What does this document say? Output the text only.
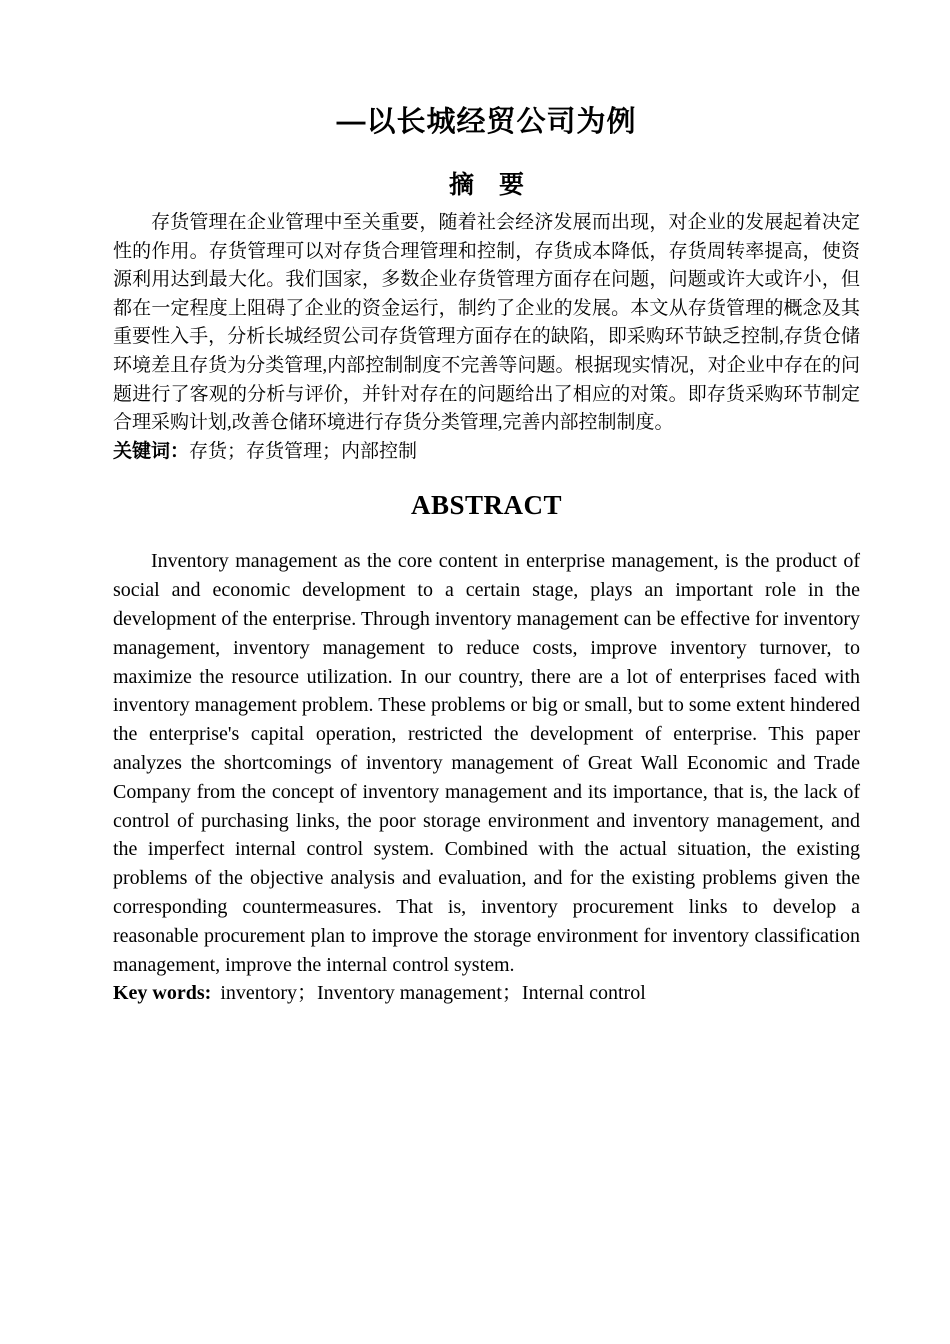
—以长城经贸公司为例
摘　要

存货管理在企业管理中至关重要，随着社会经济发展而出现，对企业的发展起着决定性的作用。存货管理可以对存货合理管理和控制，存货成本降低，存货周转率提高，使资源利用达到最大化。我们国家，多数企业存货管理方面存在问题，问题或许大或许小，但都在一定程度上阻碍了企业的资金运行，制约了企业的发展。本文从存货管理的概念及其重要性入手，分析长城经贸公司存货管理方面存在的缺陷，即采购环节缺乏控制,存货仓储环境差且存货为分类管理,内部控制制度不完善等问题。根据现实情况，对企业中存在的问题进行了客观的分析与评价，并针对存在的问题给出了相应的对策。即存货采购环节制定合理采购计划,改善仓储环境进行存货分类管理,完善内部控制制度。

关键词：存货；存货管理；内部控制

ABSTRACT

Inventory management as the core content in enterprise management, is the product of social and economic development to a certain stage, plays an important role in the development of the enterprise. Through inventory management can be effective for inventory management, inventory management to reduce costs, improve inventory turnover, to maximize the resource utilization. In our country, there are a lot of enterprises faced with inventory management problem. These problems or big or small, but to some extent hindered the enterprise's capital operation, restricted the development of enterprise. This paper analyzes the shortcomings of inventory management of Great Wall Economic and Trade Company from the concept of inventory management and its importance, that is, the lack of control of purchasing links, the poor storage environment and inventory management, and the imperfect internal control system. Combined with the actual situation, the existing problems of the objective analysis and evaluation, and for the existing problems given the corresponding countermeasures. That is, inventory procurement links to develop a reasonable procurement plan to improve the storage environment for inventory classification management, improve the internal control system.

Key words: inventory；Inventory management；Internal control
